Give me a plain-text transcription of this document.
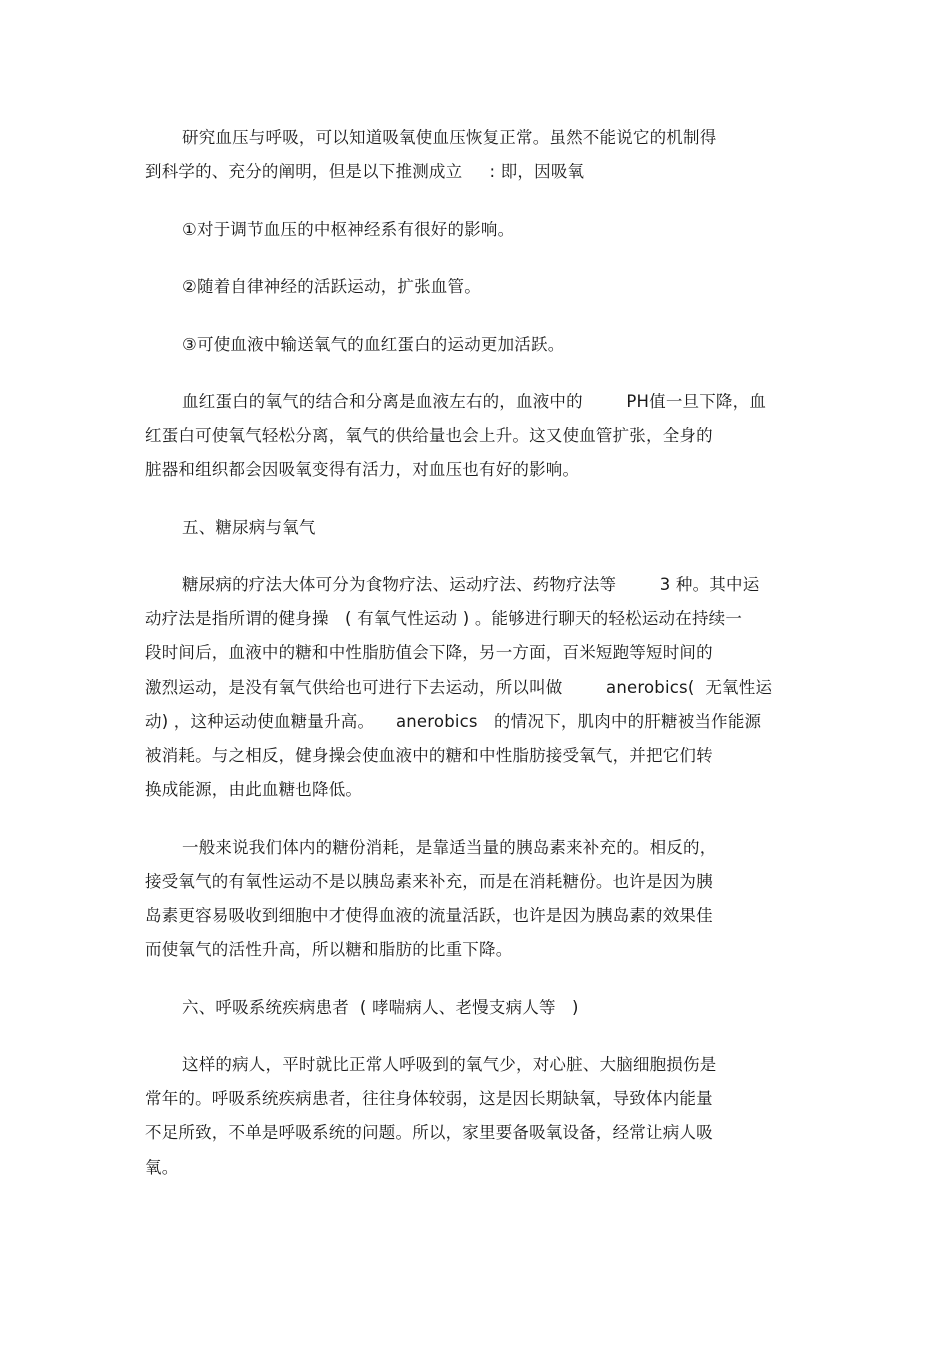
研究血压与呼吸，可以知道吸氧使血压恢复正常。虽然不能说它的机制得
到科学的、充分的阐明，但是以下推测成立     : 即，因吸氧
①对于调节血压的中枢神经系有很好的影响。
②随着自律神经的活跃运动，扩张血管。
③可使血液中输送氧气的血红蛋白的运动更加活跃。
血红蛋白的氧气的结合和分离是血液左右的，血液中的        PH值一旦下降，血
红蛋白可使氧气轻松分离，氧气的供给量也会上升。这又使血管扩张，全身的
脏器和组织都会因吸氧变得有活力，对血压也有好的影响。
五、糖尿病与氧气
糖尿病的疗法大体可分为食物疗法、运动疗法、药物疗法等        3 种。其中运
动疗法是指所谓的健身操   ( 有氧气性运动 ) 。能够进行聊天的轻松运动在持续一
段时间后，血液中的糖和中性脂肪值会下降，另一方面，百米短跑等短时间的
激烈运动，是没有氧气供给也可进行下去运动，所以叫做        anerobics(  无氧性运
动) ，这种运动使血糖量升高。    anerobics   的情况下，肌肉中的肝糖被当作能源
被消耗。与之相反，健身操会使血液中的糖和中性脂肪接受氧气，并把它们转
换成能源，由此血糖也降低。
一般来说我们体内的糖份消耗，是靠适当量的胰岛素来补充的。相反的，
接受氧气的有氧性运动不是以胰岛素来补充，而是在消耗糖份。也许是因为胰
岛素更容易吸收到细胞中才使得血液的流量活跃，也许是因为胰岛素的效果佳
而使氧气的活性升高，所以糖和脂肪的比重下降。
六、呼吸系统疾病患者  ( 哮喘病人、老慢支病人等   )
这样的病人，平时就比正常人呼吸到的氧气少，对心脏、大脑细胞损伤是
常年的。呼吸系统疾病患者，往往身体较弱，这是因长期缺氧，导致体内能量
不足所致，不单是呼吸系统的问题。所以，家里要备吸氧设备，经常让病人吸
氧。
